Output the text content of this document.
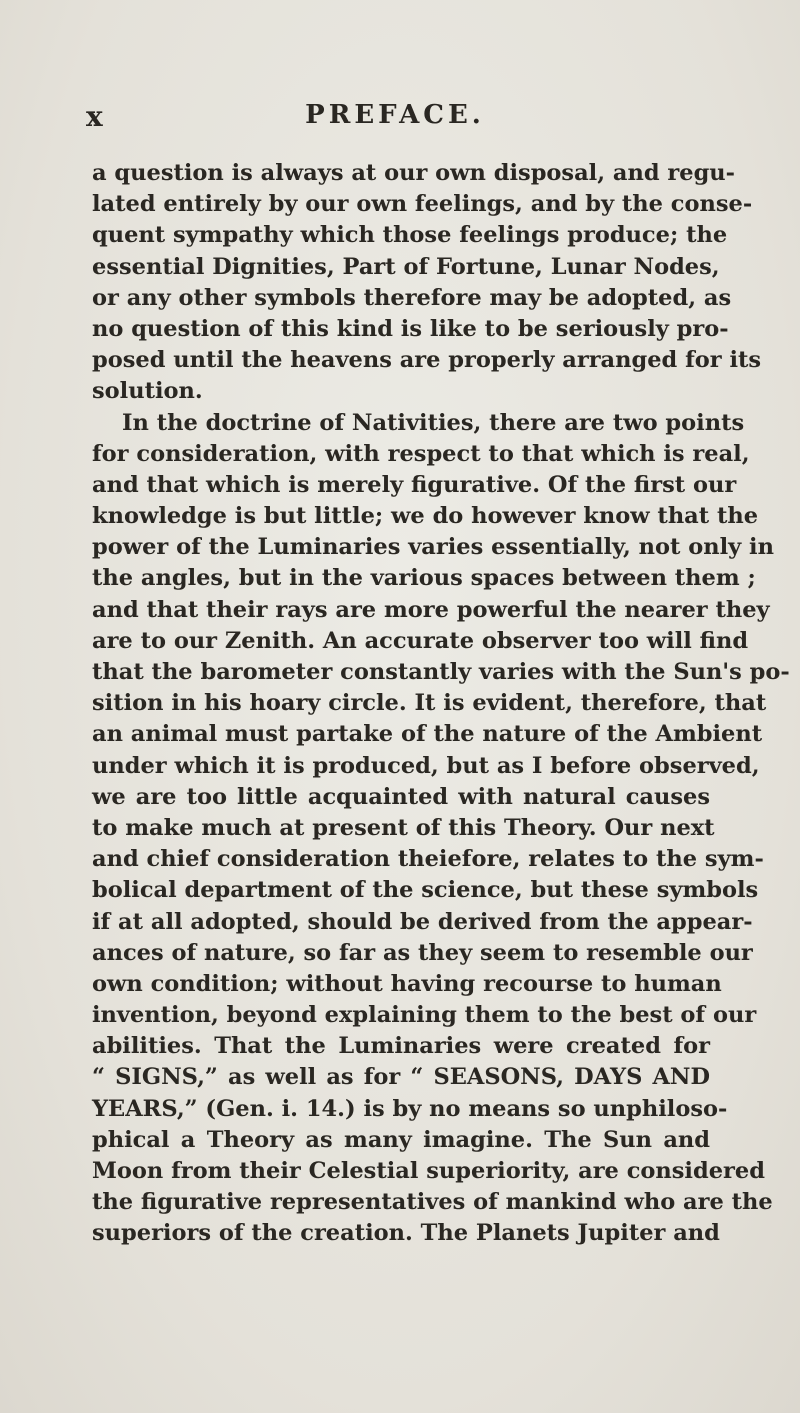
x	PREFACE.
a question is always at our own disposal, and regu-
lated entirely by our own feelings, and by the conse-
quent sympathy which those feelings produce; the
essential Dignities, Part of Fortune, Lunar Nodes,
or any other symbols therefore may be adopted, as
no question of this kind is like to be seriously pro-
posed until the heavens are properly arranged for its
solution.
In the doctrine of Nativities, there are two points
for consideration, with respect to that which is real,
and that which is merely figurative. Of the first our
knowledge is but little; we do however know that the
power of the Luminaries varies essentially, not only in
the angles, but in the various spaces between them ;
and that their rays are more powerful the nearer they
are to our Zenith. An accurate observer too will find
that the barometer constantly varies with the Sun's po-
sition in his hoary circle. It is evident, therefore, that
an animal must partake of the nature of the Ambient
under which it is produced, but as I before observed,
we are too little acquainted with natural causes
to make much at present of this Theory. Our next
and chief consideration theiefore, relates to the sym-
bolical department of the science, but these symbols
if at all adopted, should be derived from the appear-
ances of nature, so far as they seem to resemble our
own condition; without having recourse to human
invention, beyond explaining them to the best of our
abilities. That the Luminaries were created for
“ SIGNS,” as well as for “ SEASONS, DAYS AND
YEARS,” (Gen. i. 14.) is by no means so unphiloso-
phical a Theory as many imagine. The Sun and
Moon from their Celestial superiority, are considered
the figurative representatives of mankind who are the
superiors of the creation. The Planets Jupiter and
